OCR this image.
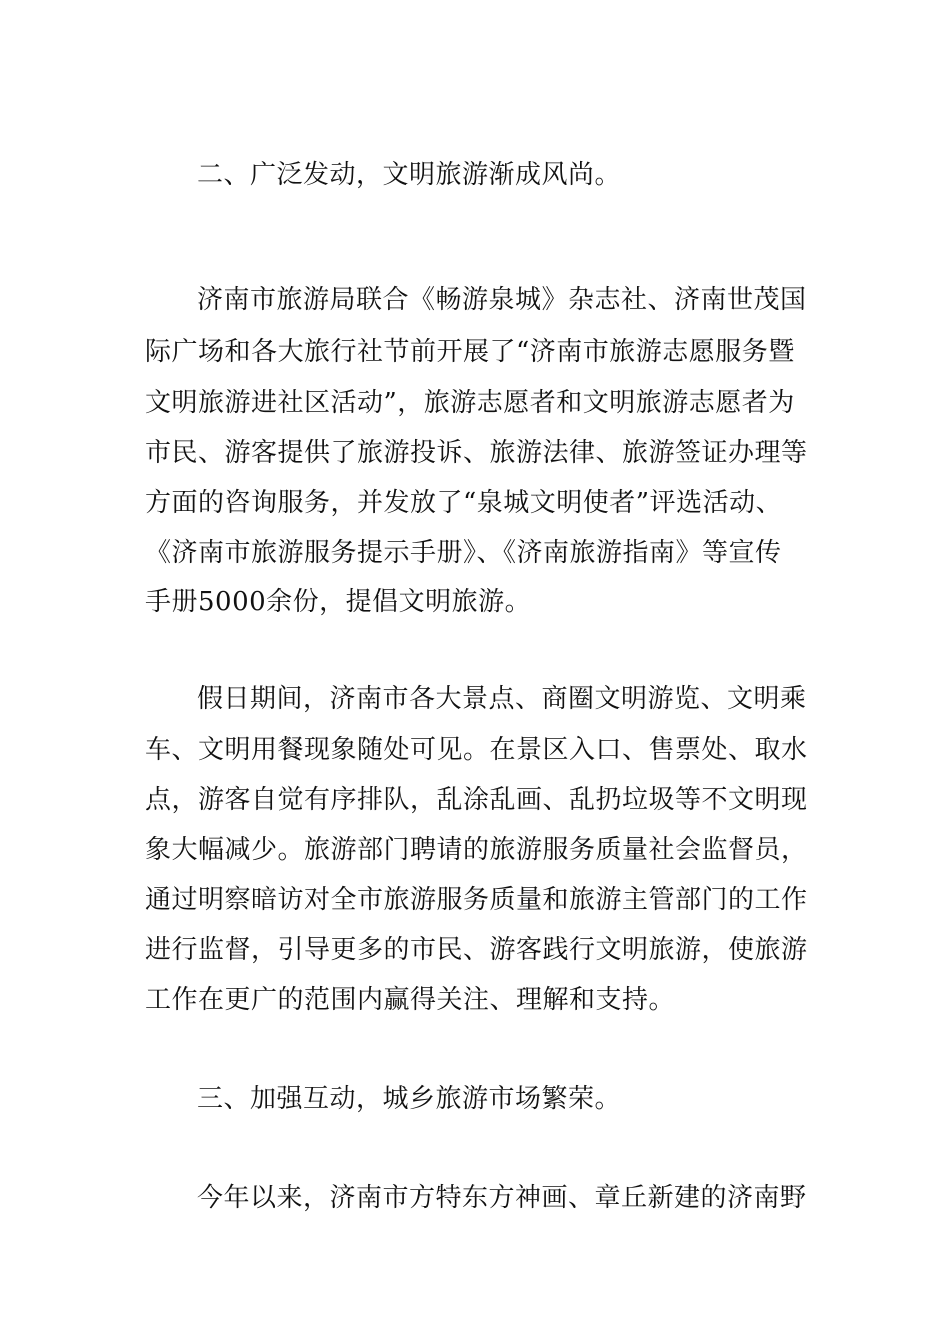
二、广泛发动，文明旅游渐成风尚。
济南市旅游局联合《畅游泉城》杂志社、济南世茂国
际广场和各大旅行社节前开展了“济南市旅游志愿服务暨
文明旅游进社区活动”，旅游志愿者和文明旅游志愿者为
市民、游客提供了旅游投诉、旅游法律、旅游签证办理等
方面的咨询服务，并发放了“泉城文明使者”评选活动、
《济南市旅游服务提示手册》、《济南旅游指南》等宣传
手册5000余份，提倡文明旅游。
假日期间，济南市各大景点、商圈文明游览、文明乘
车、文明用餐现象随处可见。在景区入口、售票处、取水
点，游客自觉有序排队，乱涂乱画、乱扔垃圾等不文明现
象大幅减少。旅游部门聘请的旅游服务质量社会监督员，
通过明察暗访对全市旅游服务质量和旅游主管部门的工作
进行监督，引导更多的市民、游客践行文明旅游，使旅游
工作在更广的范围内赢得关注、理解和支持。
三、加强互动，城乡旅游市场繁荣。
今年以来，济南市方特东方神画、章丘新建的济南野
